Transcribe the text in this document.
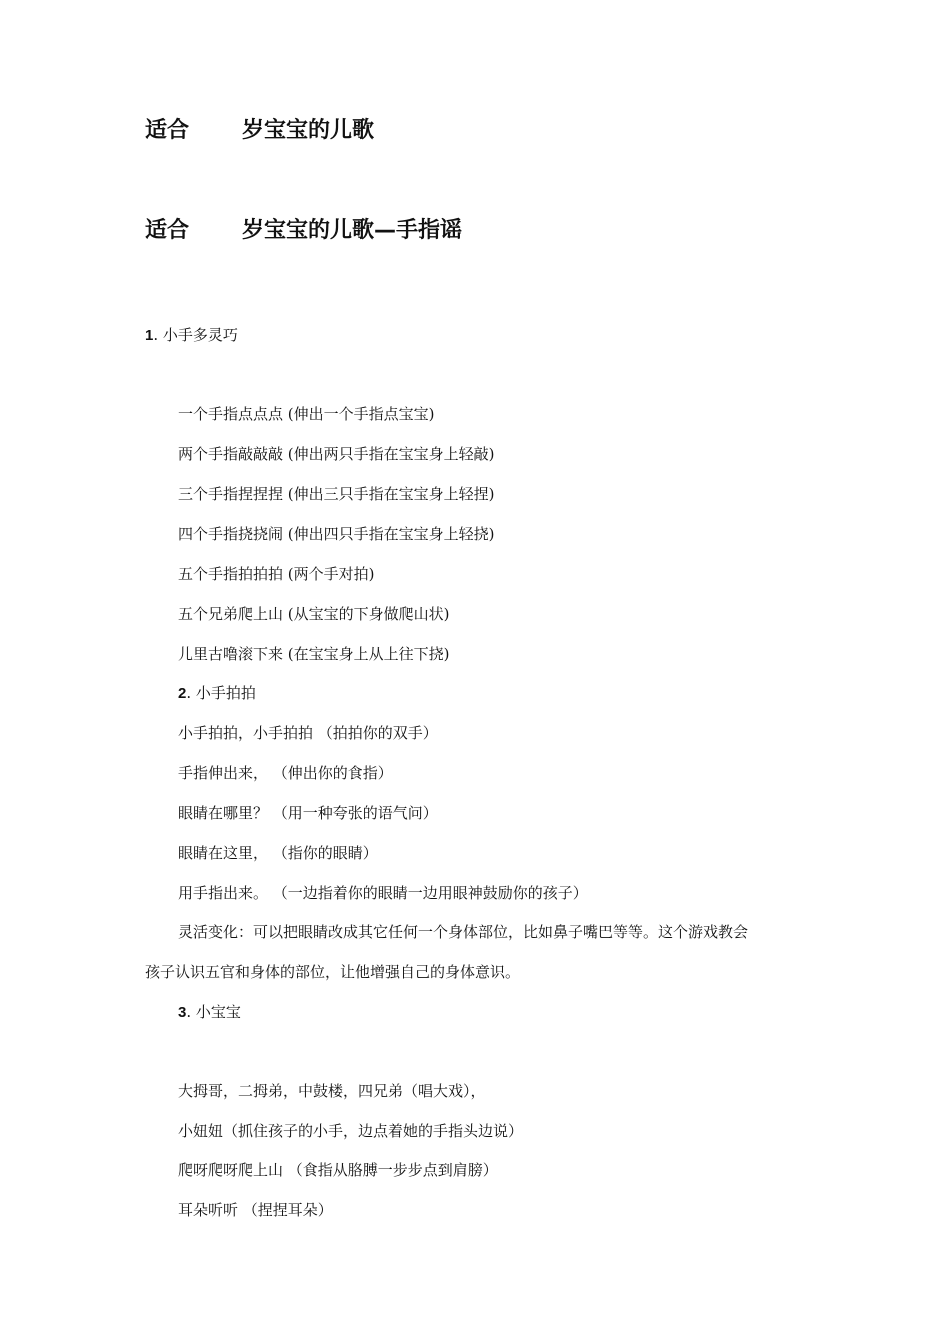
适合 岁宝宝的儿歌
适合 岁宝宝的儿歌—手指谣
1. 小手多灵巧
一个手指点点点 (伸出一个手指点宝宝)
两个手指敲敲敲 (伸出两只手指在宝宝身上轻敲)
三个手指捏捏捏 (伸出三只手指在宝宝身上轻捏)
四个手指挠挠闹 (伸出四只手指在宝宝身上轻挠)
五个手指拍拍拍 (两个手对拍)
五个兄弟爬上山 (从宝宝的下身做爬山状)
儿里古噜滚下来 (在宝宝身上从上往下挠)
2. 小手拍拍
小手拍拍，小手拍拍 （拍拍你的双手）
手指伸出来， （伸出你的食指）
眼睛在哪里？ （用一种夸张的语气问）
眼睛在这里， （指你的眼睛）
用手指出来。 （一边指着你的眼睛一边用眼神鼓励你的孩子）
灵活变化：可以把眼睛改成其它任何一个身体部位，比如鼻子嘴巴等等。这个游戏教会
孩子认识五官和身体的部位，让他增强自己的身体意识。
3. 小宝宝
大拇哥，二拇弟，中鼓楼，四兄弟（唱大戏），
小妞妞（抓住孩子的小手，边点着她的手指头边说）
爬呀爬呀爬上山 （食指从胳膊一步步点到肩膀）
耳朵听听 （捏捏耳朵）
